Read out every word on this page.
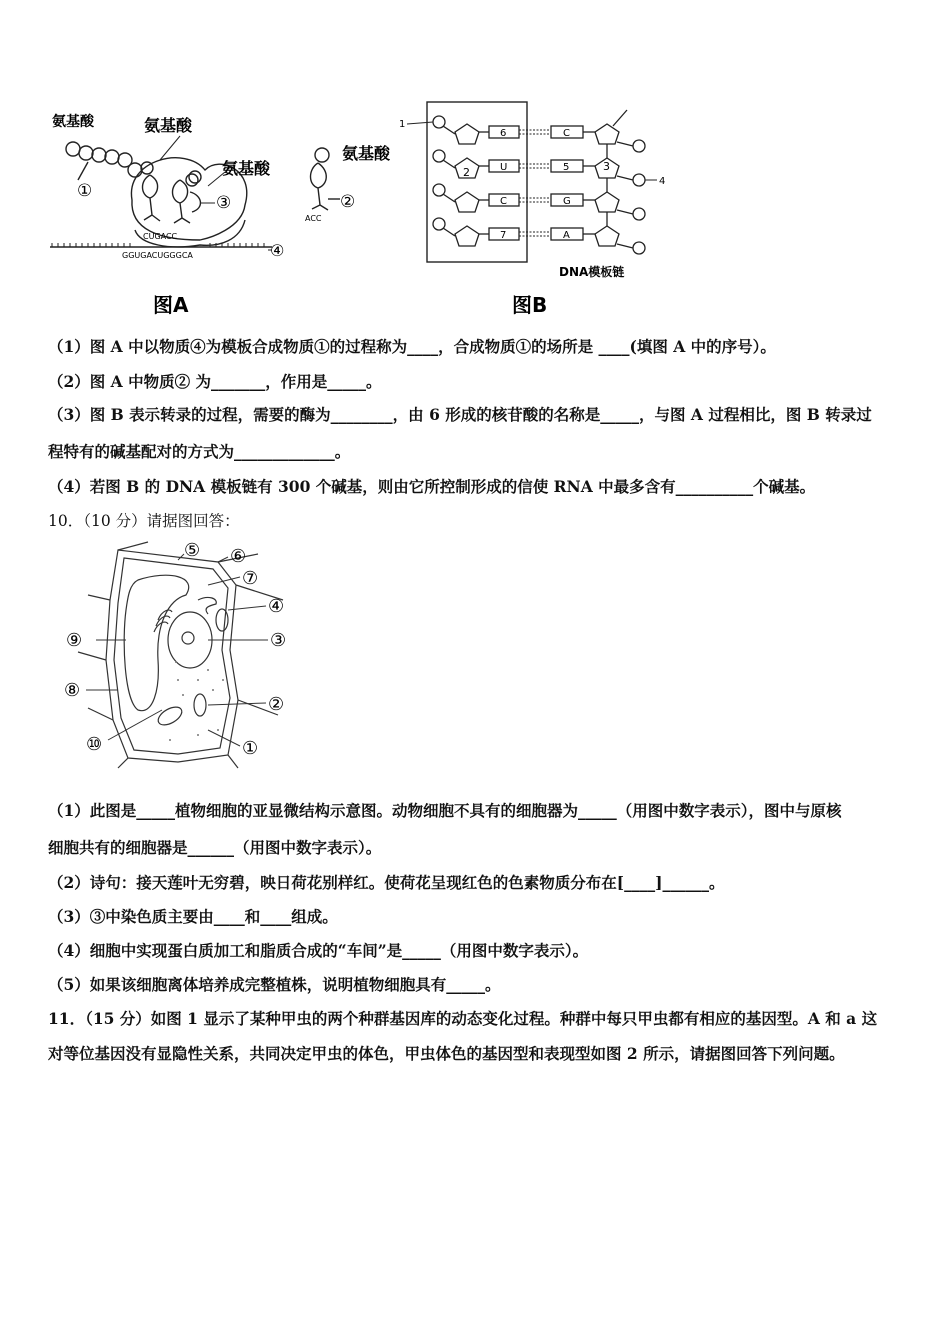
CUGACC
GGUGACUGGGCA	④
氨基酸	氨基酸
氨基酸
①
③
图A
氨基酸
ACC
②
6
U
C
7
C
5
G
A
2	3
1
4
DNA模板链
图B
（1）图 A 中以物质④为模板合成物质①的过程称为____，合成物质①的场所是 ____(填图 A 中的序号）。
（2）图 A 中物质② 为_______，作用是_____。
（3）图 B 表示转录的过程，需要的酶为________，由 6 形成的核苷酸的名称是_____，与图 A 过程相比，图 B 转录过
程特有的碱基配对的方式为_____________。
（4）若图 B 的 DNA 模板链有 300 个碱基，则由它所控制形成的信使 RNA 中最多含有__________个碱基。
10．（10 分）请据图回答：
⑤ ⑥
⑦
④
③
②
①
⑨
⑧
⑩
（1）此图是_____植物细胞的亚显微结构示意图。动物细胞不具有的细胞器为_____（用图中数字表示），图中与原核
细胞共有的细胞器是______（用图中数字表示）。
（2）诗句：接天莲叶无穷碧，映日荷花别样红。使荷花呈现红色的色素物质分布在[____]______。
（3）③中染色质主要由____和____组成。
（4）细胞中实现蛋白质加工和脂质合成的“车间”是_____（用图中数字表示）。
（5）如果该细胞离体培养成完整植株，说明植物细胞具有_____。
11．（15 分）如图 1 显示了某种甲虫的两个种群基因库的动态变化过程。种群中每只甲虫都有相应的基因型。A 和 a 这
对等位基因没有显隐性关系，共同决定甲虫的体色，甲虫体色的基因型和表现型如图 2 所示，请据图回答下列问题。
